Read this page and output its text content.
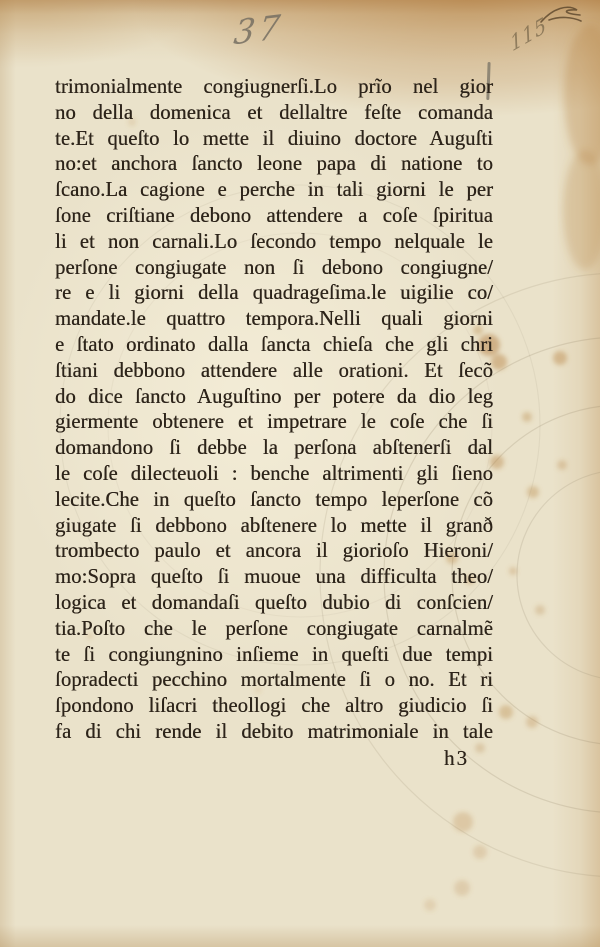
37	115
trimonialmente congiugnerſi.Lo prĩo nel gior
no della domenica et dellaltre feſte comanda
te.Et queſto lo mette il diuino doctore Auguſti
no:et anchora ſancto leone papa di natione to
ſcano.La cagione e perche in tali giorni le per
ſone criſtiane debono attendere a coſe ſpiritua
li et non carnali.Lo ſecondo tempo nelquale le
perſone congiugate non ſi debono congiugne/
re e li giorni della quadrageſima.le uigilie co/
mandate.le quattro tempora.Nelli quali giorni
e ſtato ordinato dalla ſancta chieſa che gli chri
ſtiani debbono attendere alle orationi. Et ſecõ
do dice ſancto Auguſtino per potere da dio leg
giermente obtenere et impetrare le coſe che ſi
domandono ſi debbe la perſona abſtenerſi dal
le coſe dilecteuoli : benche altrimenti gli ſieno
lecite.Che in queſto ſancto tempo leperſone cõ
giugate ſi debbono abſtenere lo mette il granð
trombecto paulo et ancora il giorioſo Hieroni/
mo:Sopra queſto ſi muoue una difficulta theo/
logica et domandaſi queſto dubio di conſcien/
tia.Poſto che le perſone congiugate carnalmẽ
te ſi congiungnino inſieme in queſti due tempi
ſopradecti pecchino mortalmente ſi o no. Et ri
ſpondono liſacri theollogi che altro giudicio ſi
fa di chi rende il debito matrimoniale in tale
h3
